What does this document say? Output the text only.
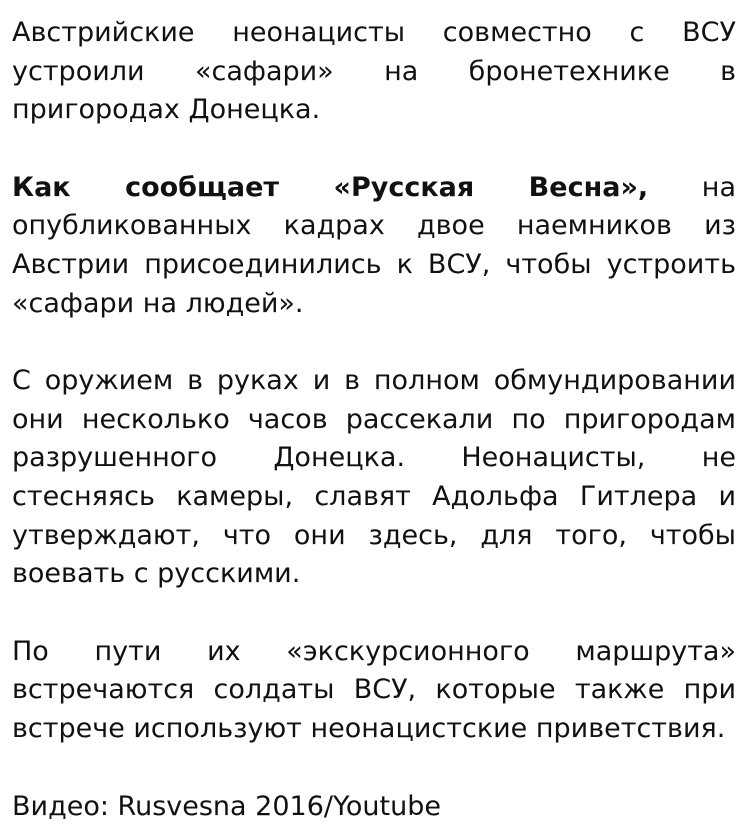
Австрийские неонацисты совместно с ВСУ устроили «сафари» на бронетехнике в пригородах Донецка.

Как сообщает «Русская Весна», на опубликованных кадрах двое наемников из Австрии присоединились к ВСУ, чтобы устроить «сафари на людей».

С оружием в руках и в полном обмундировании они несколько часов рассекали по пригородам разрушенного Донецка. Неонацисты, не стесняясь камеры, славят Адольфа Гитлера и утверждают, что они здесь, для того, чтобы воевать с русскими.

По пути их «экскурсионного маршрута» встречаются солдаты ВСУ, которые также при встрече используют неонацистские приветствия.

Видео: Rusvesna 2016/Youtube
